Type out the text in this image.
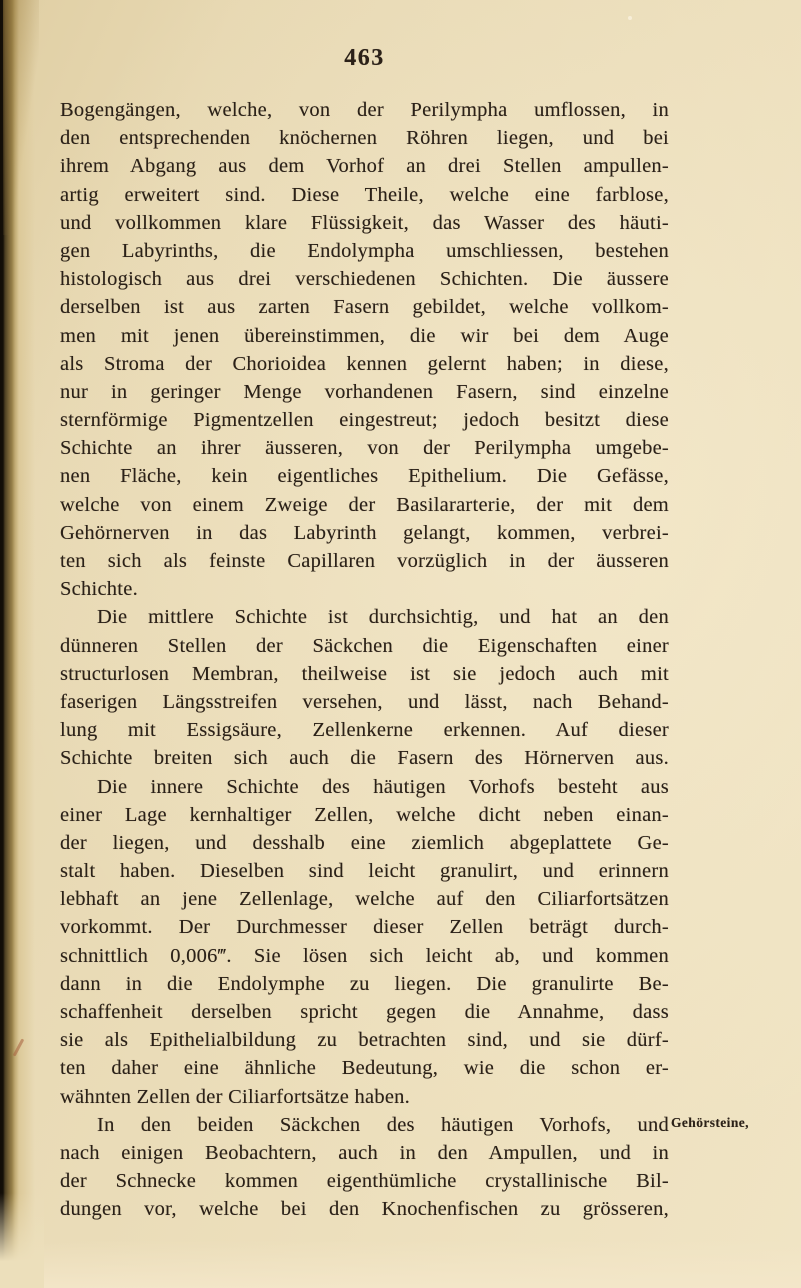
463
Bogengängen, welche, von der Perilympha umflossen, in
den entsprechenden knöchernen Röhren liegen, und bei
ihrem Abgang aus dem Vorhof an drei Stellen ampullen-
artig erweitert sind. Diese Theile, welche eine farblose,
und vollkommen klare Flüssigkeit, das Wasser des häuti-
gen Labyrinths, die Endolympha umschliessen, bestehen
histologisch aus drei verschiedenen Schichten. Die äussere
derselben ist aus zarten Fasern gebildet, welche vollkom-
men mit jenen übereinstimmen, die wir bei dem Auge
als Stroma der Chorioidea kennen gelernt haben; in diese,
nur in geringer Menge vorhandenen Fasern, sind einzelne
sternförmige Pigmentzellen eingestreut; jedoch besitzt diese
Schichte an ihrer äusseren, von der Perilympha umgebe-
nen Fläche, kein eigentliches Epithelium. Die Gefässe,
welche von einem Zweige der Basilararterie, der mit dem
Gehörnerven in das Labyrinth gelangt, kommen, verbrei-
ten sich als feinste Capillaren vorzüglich in der äusseren
Schichte.
Die mittlere Schichte ist durchsichtig, und hat an den
dünneren Stellen der Säckchen die Eigenschaften einer
structurlosen Membran, theilweise ist sie jedoch auch mit
faserigen Längsstreifen versehen, und lässt, nach Behand-
lung mit Essigsäure, Zellenkerne erkennen. Auf dieser
Schichte breiten sich auch die Fasern des Hörnerven aus.
Die innere Schichte des häutigen Vorhofs besteht aus
einer Lage kernhaltiger Zellen, welche dicht neben einan-
der liegen, und desshalb eine ziemlich abgeplattete Ge-
stalt haben. Dieselben sind leicht granulirt, und erinnern
lebhaft an jene Zellenlage, welche auf den Ciliarfortsätzen
vorkommt. Der Durchmesser dieser Zellen beträgt durch-
schnittlich 0,006‴. Sie lösen sich leicht ab, und kommen
dann in die Endolymphe zu liegen. Die granulirte Be-
schaffenheit derselben spricht gegen die Annahme, dass
sie als Epithelialbildung zu betrachten sind, und sie dürf-
ten daher eine ähnliche Bedeutung, wie die schon er-
wähnten Zellen der Ciliarfortsätze haben.
In den beiden Säckchen des häutigen Vorhofs, und
nach einigen Beobachtern, auch in den Ampullen, und in
der Schnecke kommen eigenthümliche crystallinische Bil-
dungen vor, welche bei den Knochenfischen zu grösseren,
Gehörsteine,
